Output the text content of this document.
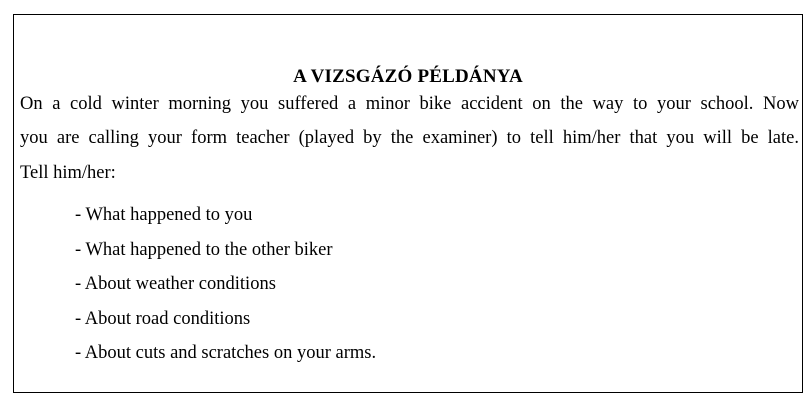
A VIZSGÁZÓ PÉLDÁNYA
On a cold winter morning you suffered a minor bike accident on the way to your school. Now
you are calling your form teacher (played by the examiner) to tell him/her that you will be late.
Tell him/her:
- What happened to you
- What happened to the other biker
- About weather conditions
- About road conditions
- About cuts and scratches on your arms.
